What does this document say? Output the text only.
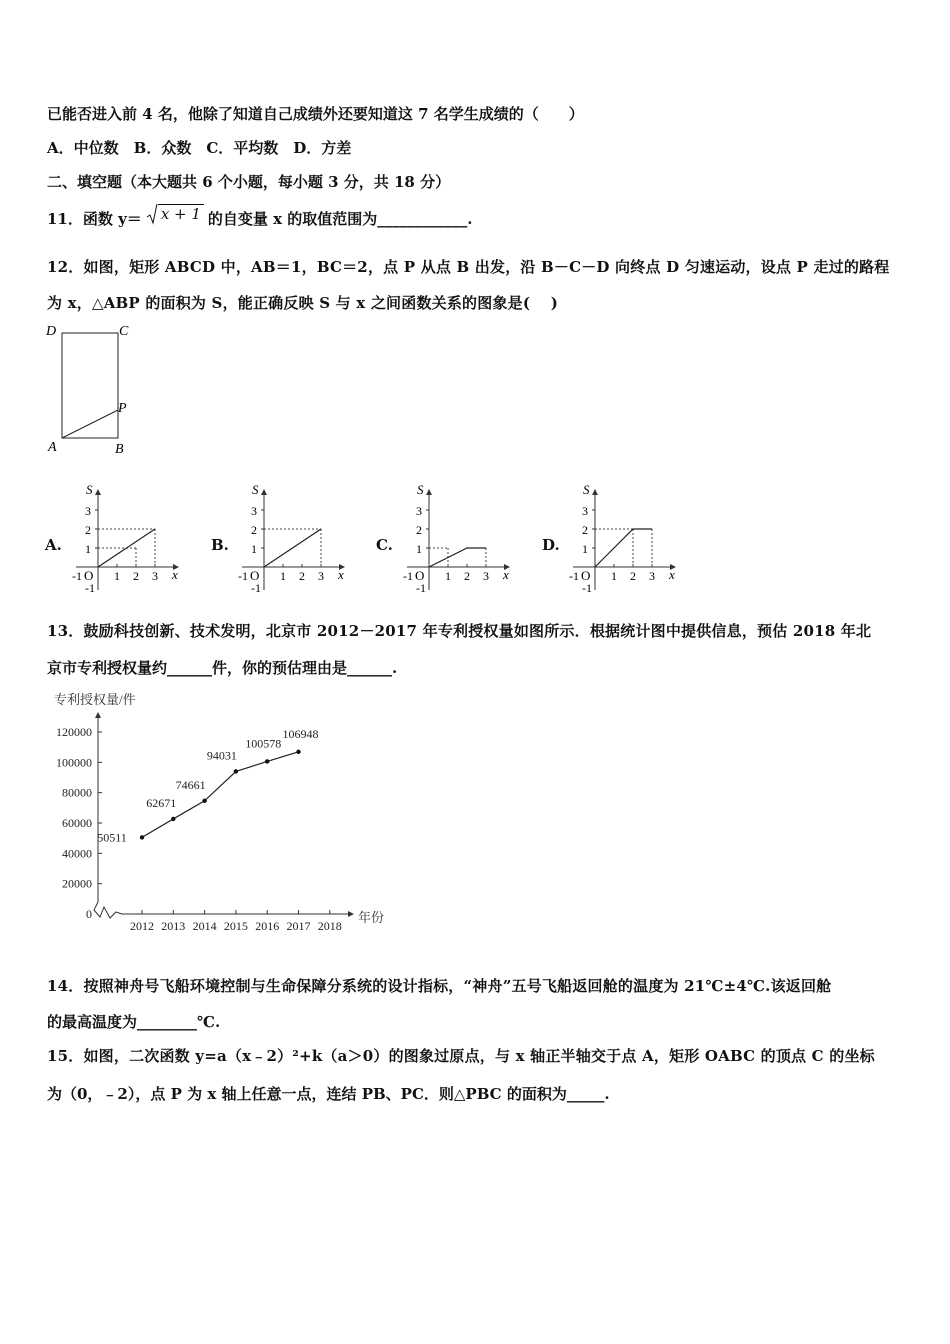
已能否进入前 4 名，他除了知道自己成绩外还要知道这 7 名学生成绩的（　　）
A．中位数　B．众数　C．平均数　D．方差
二、填空题（本大题共 6 个小题，每小题 3 分，共 18 分）
11．函数 y＝ x + 1 的自变量 x 的取值范围为____________.
12．如图，矩形 ABCD 中，AB＝1，BC＝2，点 P 从点 B 出发，沿 B－C－D 向终点 D 匀速运动，设点 P 走过的路程
为 x，△ABP 的面积为 S，能正确反映 S 与 x 之间函数关系的图象是(　 )
D	C
P
A	B
A.	B.	C.	D.
S
x
O
-1
-1
1
2
3
1 2 3
S
x
O
-1
-1
1
2
3
1 2 3
S
x
O
-1
-1
1
2
3
1 2 3
S
x
O
-1
-1
1
2
3
1 2 3
13．鼓励科技创新、技术发明，北京市 2012－2017 年专利授权量如图所示．根据统计图中提供信息，预估 2018 年北
京市专利授权量约______件，你的预估理由是______.
专利授权量/件
年份
0
20000
40000
60000
80000
100000
120000
2012 2013 2014 2015 2016 2017 2018
50511
62671
74661
94031
100578
106948
14．按照神舟号飞船环境控制与生命保障分系统的设计指标，“神舟”五号飞船返回舱的温度为 21℃±4℃.该返回舱
的最高温度为________℃.
15．如图，二次函数 y=a（x﹣2）²+k（a＞0）的图象过原点，与 x 轴正半轴交于点 A，矩形 OABC 的顶点 C 的坐标
为（0，﹣2），点 P 为 x 轴上任意一点，连结 PB、PC．则△PBC 的面积为_____.
